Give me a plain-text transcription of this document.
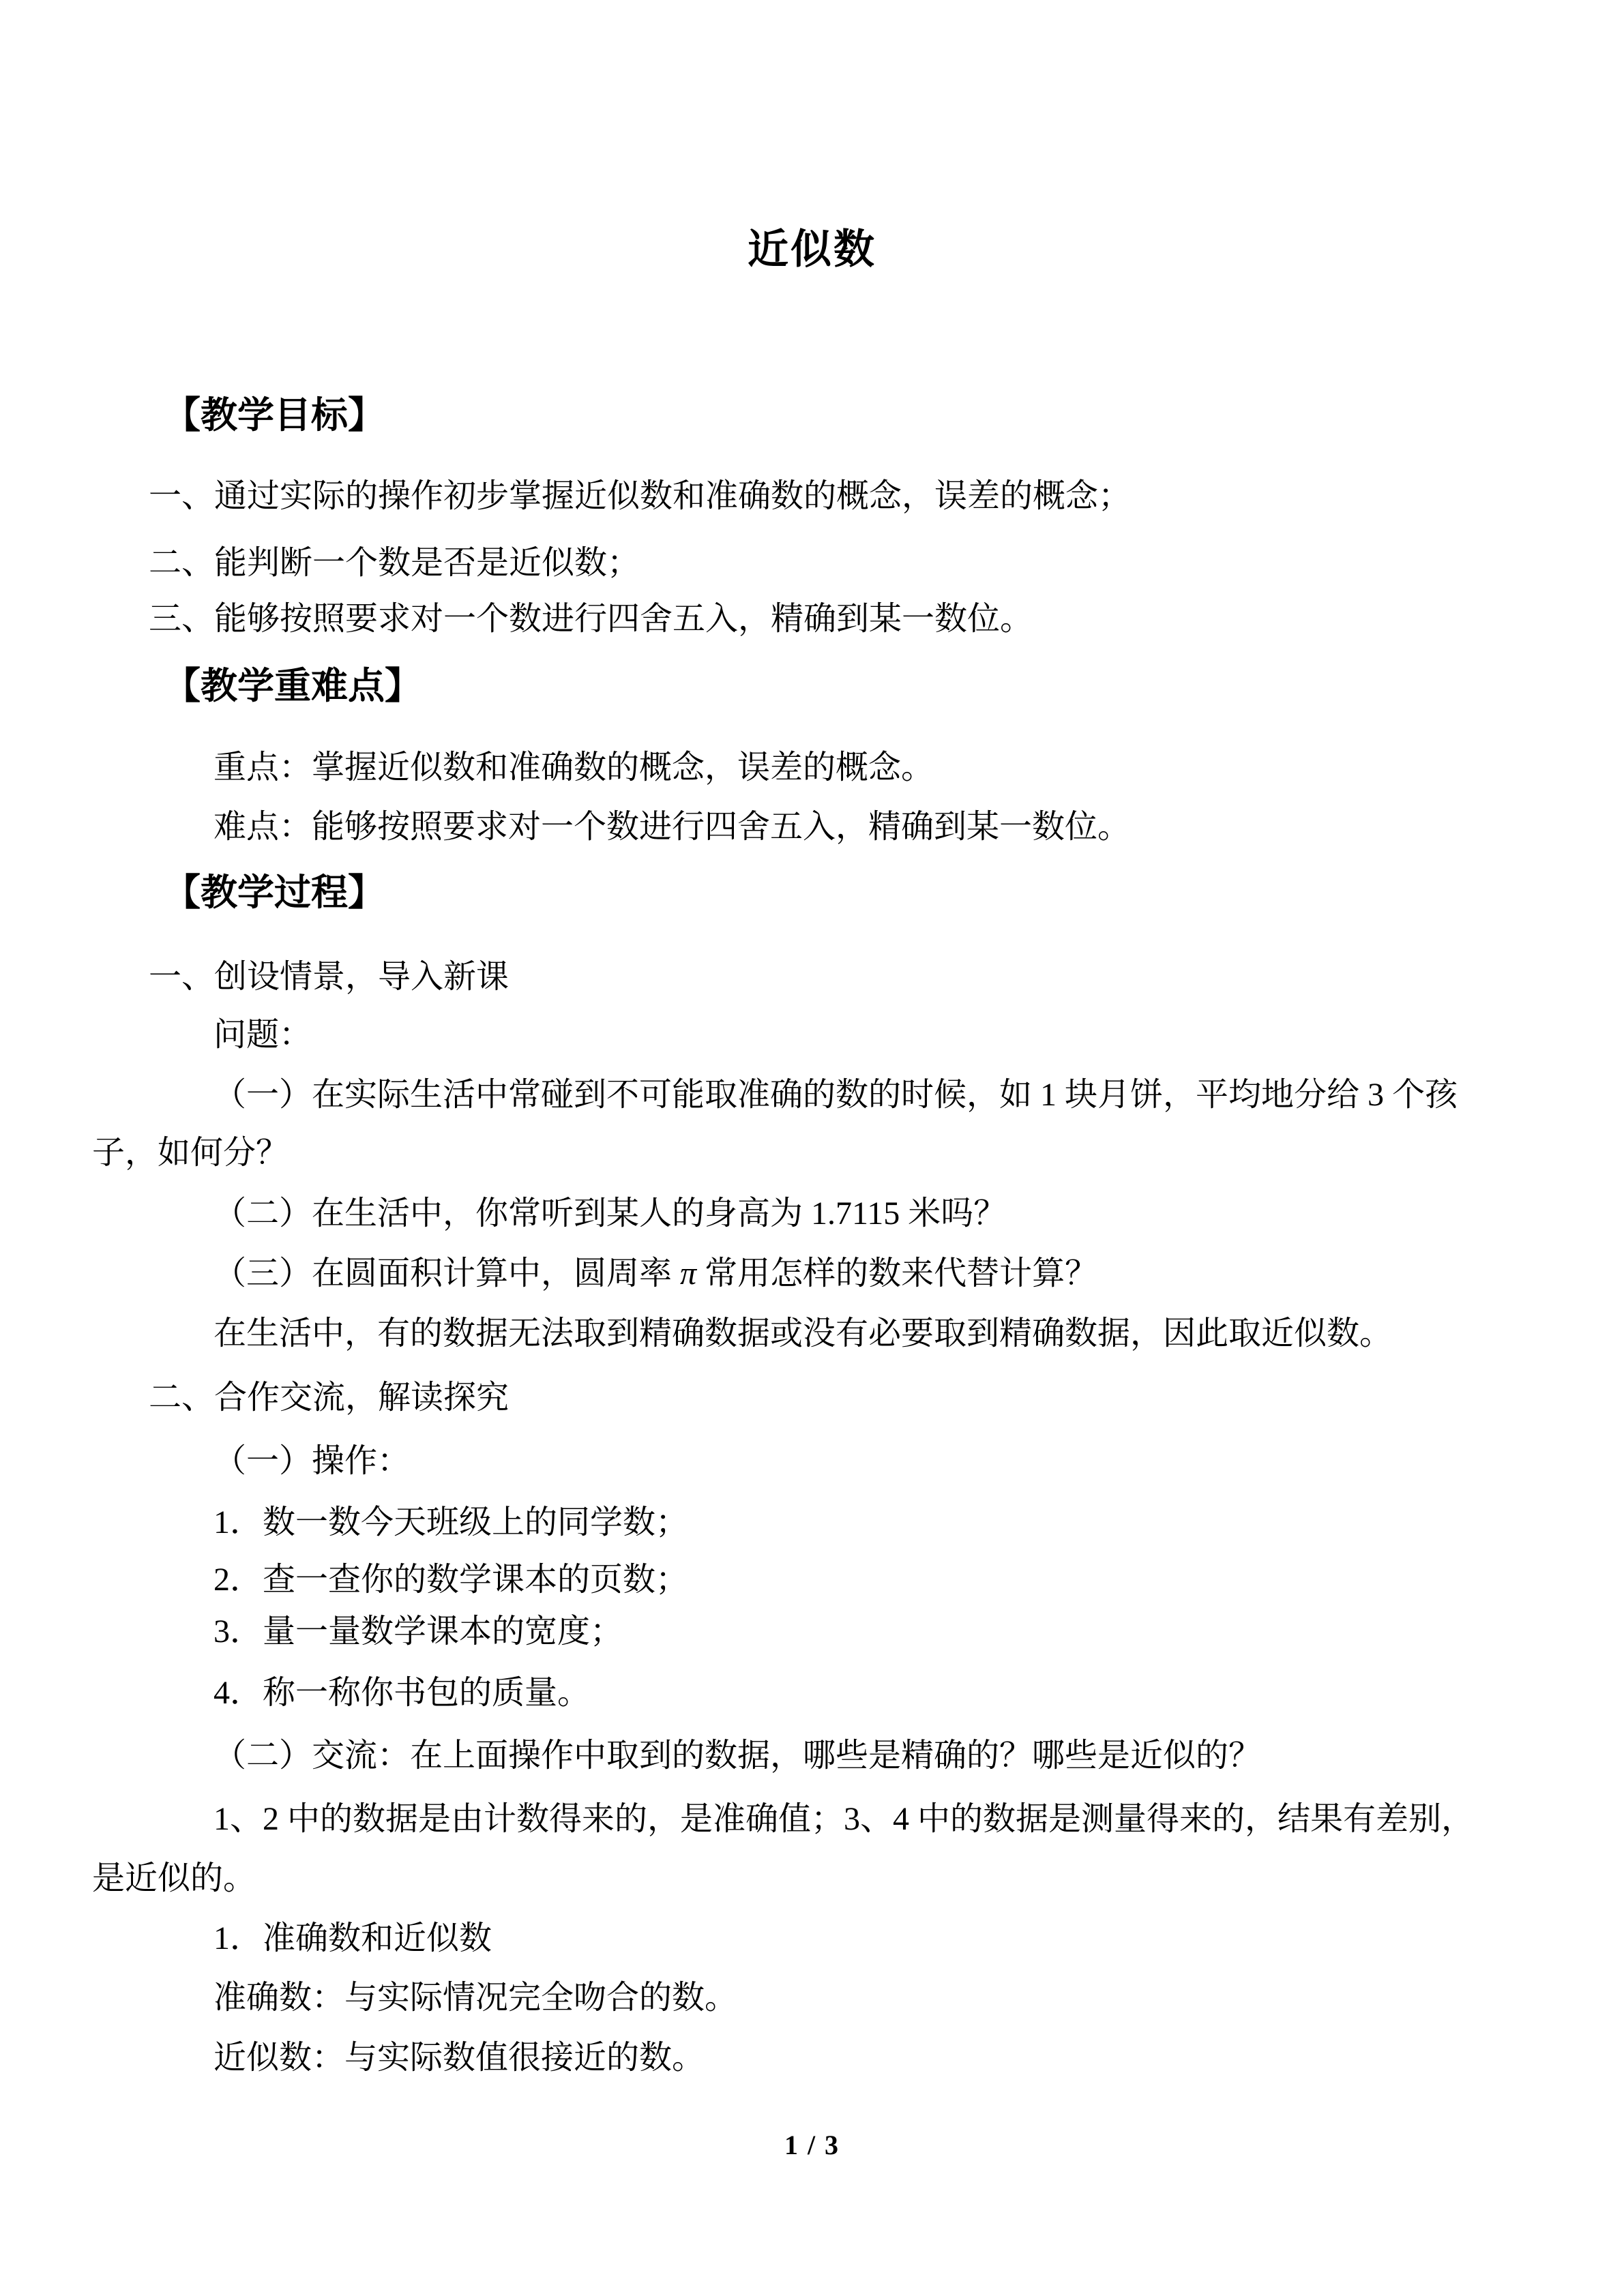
近似数
【教学目标】
一、通过实际的操作初步掌握近似数和准确数的概念，误差的概念；
二、能判断一个数是否是近似数；
三、能够按照要求对一个数进行四舍五入，精确到某一数位。
【教学重难点】
重点：掌握近似数和准确数的概念，误差的概念。
难点：能够按照要求对一个数进行四舍五入，精确到某一数位。
【教学过程】
一、创设情景，导入新课
问题：
（一）在实际生活中常碰到不可能取准确的数的时候，如 1 块月饼，平均地分给 3 个孩
子，如何分？
（二）在生活中，你常听到某人的身高为 1.7115 米吗？
（三）在圆面积计算中，圆周率 π 常用怎样的数来代替计算？
在生活中，有的数据无法取到精确数据或没有必要取到精确数据，因此取近似数。
二、合作交流，解读探究
（一）操作：
1．数一数今天班级上的同学数；
2．查一查你的数学课本的页数；
3．量一量数学课本的宽度；
4．称一称你书包的质量。
（二）交流：在上面操作中取到的数据，哪些是精确的？哪些是近似的？
1、2 中的数据是由计数得来的，是准确值；3、4 中的数据是测量得来的，结果有差别，
是近似的。
1．准确数和近似数
准确数：与实际情况完全吻合的数。
近似数：与实际数值很接近的数。
1 / 3
